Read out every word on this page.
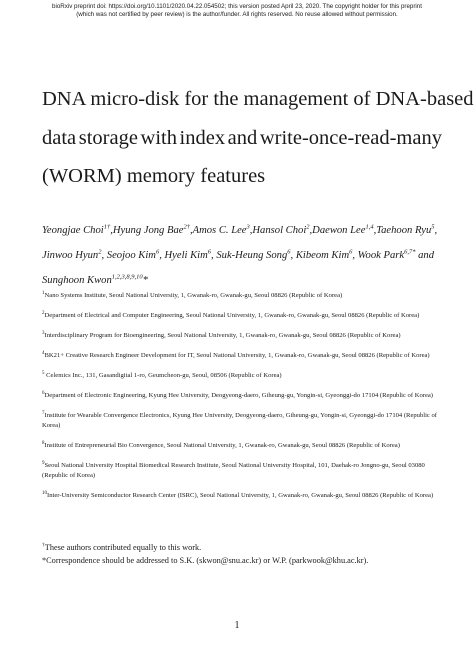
bioRxiv preprint doi: https://doi.org/10.1101/2020.04.22.054502; this version posted April 23, 2020. The copyright holder for this preprint
(which was not certified by peer review) is the author/funder. All rights reserved. No reuse allowed without permission.
DNA micro-disk for the management of DNA-based
data storage with index and write-once-read-many
(WORM) memory features
Yeongjae Choi$^{1\dagger}$, Hyung Jong Bae$^{2\dagger}$, Amos C. Lee$^3$, Hansol Choi$^2$, Daewon Lee$^{1,4}$, Taehoon Ryu$^5$,
Jinwoo Hyun$^2$, Seojoo Kim$^6$, Hyeli Kim$^6$, Suk-Heung Song$^6$, Kibeom Kim$^6$, Wook Park$^{6,7*}$ and
Sunghoon Kwon$^{1,2,3,8,9,10}$*
$^1$Nano Systems Institute, Seoul National University, 1, Gwanak-ro, Gwanak-gu, Seoul 08826 (Republic of Korea)
$^2$Department of Electrical and Computer Engineering, Seoul National University, 1, Gwanak-ro, Gwanak-gu, Seoul 08826 (Republic of Korea)
$^3$Interdisciplinary Program for Bioengineering, Seoul National University, 1, Gwanak-ro, Gwanak-gu, Seoul 08826 (Republic of Korea)
$^4$BK21+ Creative Research Engineer Development for IT, Seoul National University, 1, Gwanak-ro, Gwanak-gu, Seoul 08826 (Republic of Korea)
$^5$ Celemics Inc., 131, Gasandigital 1-ro, Geumcheon-gu, Seoul, 08506 (Republic of Korea)
$^6$Department of Electronic Engineering, Kyung Hee University, Deogyeong-daero, Giheung-gu, Yongin-si, Gyeonggi-do 17104 (Republic of Korea)
$^7$Institute for Wearable Convergence Electronics, Kyung Hee University, Deogyeong-daero, Giheung-gu, Yongin-si, Gyeonggi-do 17104 (Republic of Korea)
$^8$Institute of Entrepreneurial Bio Convergence, Seoul National University, 1, Gwanak-ro, Gwanak-gu, Seoul 08826 (Republic of Korea)
$^9$Seoul National University Hospital Biomedical Research Institute, Seoul National University Hospital, 101, Daehak-ro Jongno-gu, Seoul 03080 (Republic of Korea)
$^{10}$Inter-University Semiconductor Research Center (ISRC), Seoul National University, 1, Gwanak-ro, Gwanak-gu, Seoul 08826 (Republic of Korea)
†These authors contributed equally to this work.
*Correspondence should be addressed to S.K. (skwon@snu.ac.kr) or W.P. (parkwook@khu.ac.kr).
1
